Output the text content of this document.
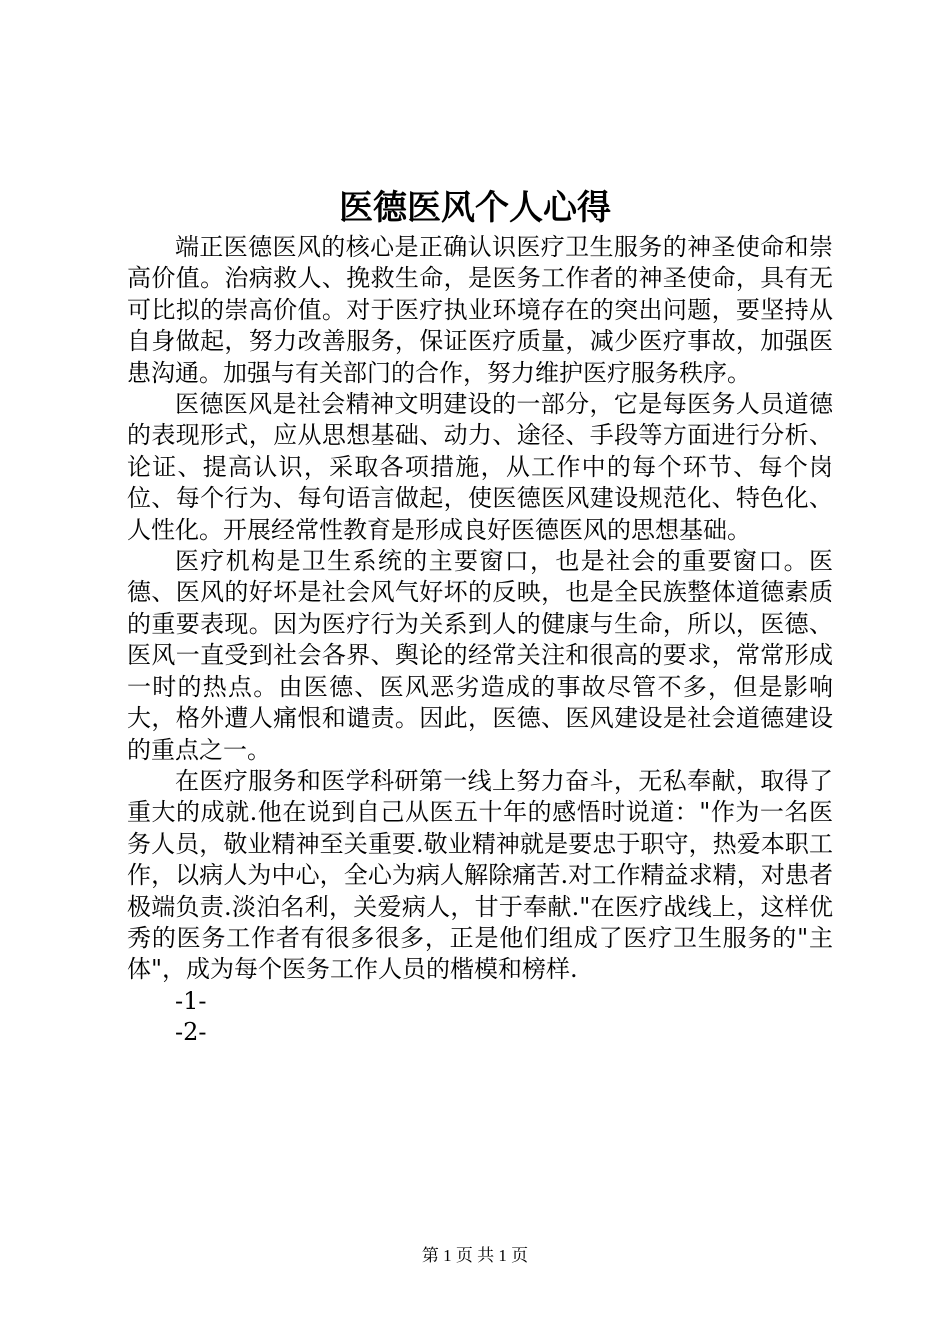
医德医风个人心得

端正医德医风的核心是正确认识医疗卫生服务的神圣使命和崇高价值。治病救人、挽救生命，是医务工作者的神圣使命，具有无可比拟的崇高价值。对于医疗执业环境存在的突出问题，要坚持从自身做起，努力改善服务，保证医疗质量，减少医疗事故，加强医患沟通。加强与有关部门的合作，努力维护医疗服务秩序。

医德医风是社会精神文明建设的一部分，它是每医务人员道德的表现形式，应从思想基础、动力、途径、手段等方面进行分析、论证、提高认识，采取各项措施，从工作中的每个环节、每个岗位、每个行为、每句语言做起，使医德医风建设规范化、特色化、人性化。开展经常性教育是形成良好医德医风的思想基础。

医疗机构是卫生系统的主要窗口，也是社会的重要窗口。医德、医风的好坏是社会风气好坏的反映，也是全民族整体道德素质的重要表现。因为医疗行为关系到人的健康与生命，所以，医德、医风一直受到社会各界、舆论的经常关注和很高的要求，常常形成一时的热点。由医德、医风恶劣造成的事故尽管不多，但是影响大，格外遭人痛恨和谴责。因此，医德、医风建设是社会道德建设的重点之一。

在医疗服务和医学科研第一线上努力奋斗，无私奉献，取得了重大的成就.他在说到自己从医五十年的感悟时说道："作为一名医务人员，敬业精神至关重要.敬业精神就是要忠于职守，热爱本职工作，以病人为中心，全心为病人解除痛苦.对工作精益求精，对患者极端负责.淡泊名利，关爱病人，甘于奉献."在医疗战线上，这样优秀的医务工作者有很多很多，正是他们组成了医疗卫生服务的"主体"，成为每个医务工作人员的楷模和榜样.

-1-

-2-

第 1 页 共 1 页
